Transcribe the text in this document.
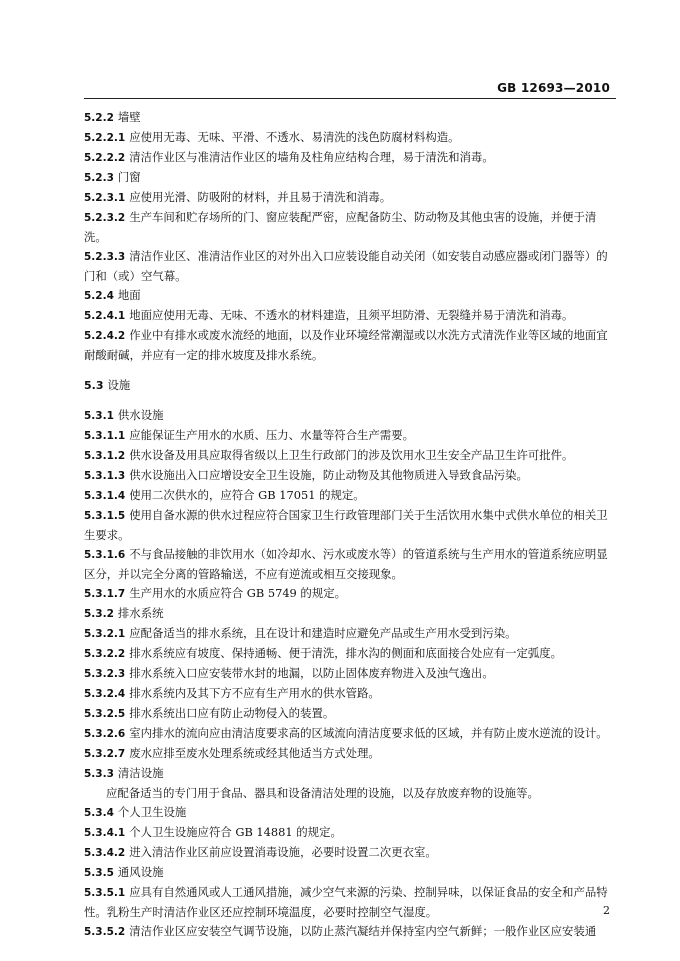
GB 12693—2010

5.2.2 墙壁

5.2.2.1 应使用无毒、无味、平滑、不透水、易清洗的浅色防腐材料构造。

5.2.2.2 清洁作业区与准清洁作业区的墙角及柱角应结构合理，易于清洗和消毒。

5.2.3 门窗

5.2.3.1 应使用光滑、防吸附的材料，并且易于清洗和消毒。

5.2.3.2 生产车间和贮存场所的门、窗应装配严密，应配备防尘、防动物及其他虫害的设施，并便于清洗。

5.2.3.3 清洁作业区、准清洁作业区的对外出入口应装设能自动关闭（如安装自动感应器或闭门器等）的门和（或）空气幕。

5.2.4 地面

5.2.4.1 地面应使用无毒、无味、不透水的材料建造，且须平坦防滑、无裂缝并易于清洗和消毒。

5.2.4.2 作业中有排水或废水流经的地面，以及作业环境经常潮湿或以水洗方式清洗作业等区域的地面宜耐酸耐碱，并应有一定的排水坡度及排水系统。

5.3 设施

5.3.1 供水设施

5.3.1.1 应能保证生产用水的水质、压力、水量等符合生产需要。

5.3.1.2 供水设备及用具应取得省级以上卫生行政部门的涉及饮用水卫生安全产品卫生许可批件。

5.3.1.3 供水设施出入口应增设安全卫生设施，防止动物及其他物质进入导致食品污染。

5.3.1.4 使用二次供水的，应符合 GB 17051 的规定。

5.3.1.5 使用自备水源的供水过程应符合国家卫生行政管理部门关于生活饮用水集中式供水单位的相关卫生要求。

5.3.1.6 不与食品接触的非饮用水（如冷却水、污水或废水等）的管道系统与生产用水的管道系统应明显区分，并以完全分离的管路输送，不应有逆流或相互交接现象。

5.3.1.7 生产用水的水质应符合 GB 5749 的规定。

5.3.2 排水系统

5.3.2.1 应配备适当的排水系统，且在设计和建造时应避免产品或生产用水受到污染。

5.3.2.2 排水系统应有坡度、保持通畅、便于清洗，排水沟的侧面和底面接合处应有一定弧度。

5.3.2.3 排水系统入口应安装带水封的地漏，以防止固体废弃物进入及浊气逸出。

5.3.2.4 排水系统内及其下方不应有生产用水的供水管路。

5.3.2.5 排水系统出口应有防止动物侵入的装置。

5.3.2.6 室内排水的流向应由清洁度要求高的区域流向清洁度要求低的区域，并有防止废水逆流的设计。

5.3.2.7 废水应排至废水处理系统或经其他适当方式处理。

5.3.3 清洁设施

应配备适当的专门用于食品、器具和设备清洁处理的设施，以及存放废弃物的设施等。

5.3.4 个人卫生设施

5.3.4.1 个人卫生设施应符合 GB 14881 的规定。

5.3.4.2 进入清洁作业区前应设置消毒设施，必要时设置二次更衣室。

5.3.5 通风设施

5.3.5.1 应具有自然通风或人工通风措施，减少空气来源的污染、控制异味，以保证食品的安全和产品特性。乳粉生产时清洁作业区还应控制环境温度，必要时控制空气湿度。

5.3.5.2 清洁作业区应安装空气调节设施，以防止蒸汽凝结并保持室内空气新鲜；一般作业区应安装通

2
